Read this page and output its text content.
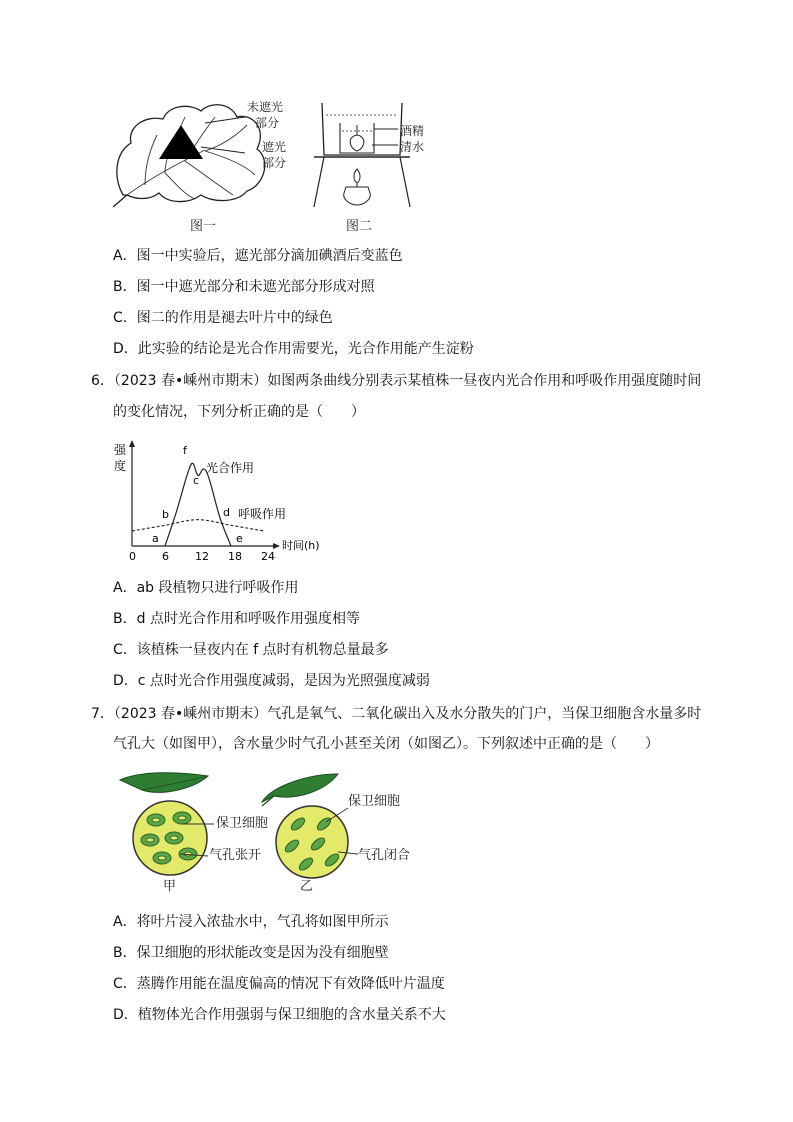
未遮光
部分
遮光
部分
图一
酒精
清水
图二
A．图一中实验后，遮光部分滴加碘酒后变蓝色
B．图一中遮光部分和未遮光部分形成对照
C．图二的作用是褪去叶片中的绿色
D．此实验的结论是光合作用需要光，光合作用能产生淀粉
6．（2023 春•嵊州市期末）如图两条曲线分别表示某植株一昼夜内光合作用和呼吸作用强度随时间
的变化情况，下列分析正确的是（　　）
强
度
0 6 12 18 24
时间(h)
光合作用
呼吸作用
a
b
c
d
e
f
A．ab 段植物只进行呼吸作用
B．d 点时光合作用和呼吸作用强度相等
C．该植株一昼夜内在 f 点时有机物总量最多
D．c 点时光合作用强度减弱，是因为光照强度减弱
7．（2023 春•嵊州市期末）气孔是氧气、二氧化碳出入及水分散失的门户，当保卫细胞含水量多时
气孔大（如图甲），含水量少时气孔小甚至关闭（如图乙）。下列叙述中正确的是（　　）
保卫细胞
气孔张开
甲
保卫细胞
气孔闭合
乙
A．将叶片浸入浓盐水中，气孔将如图甲所示
B．保卫细胞的形状能改变是因为没有细胞壁
C．蒸腾作用能在温度偏高的情况下有效降低叶片温度
D．植物体光合作用强弱与保卫细胞的含水量关系不大
